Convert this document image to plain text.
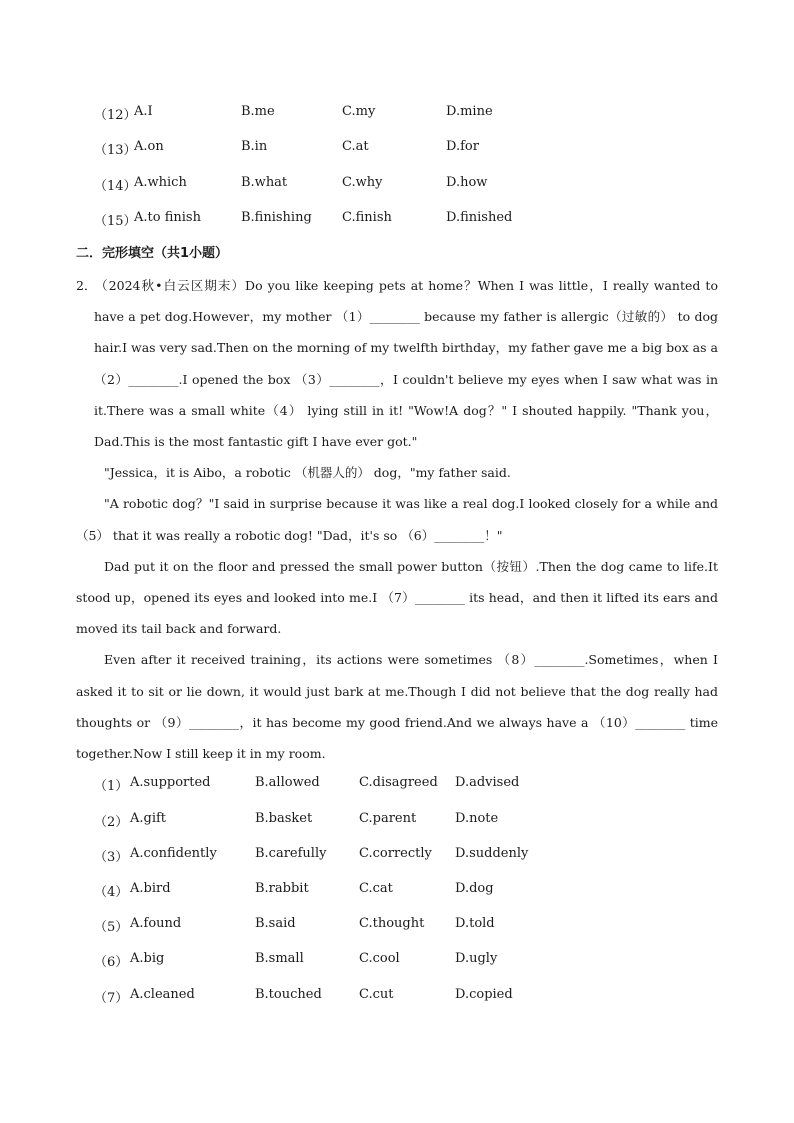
（12）
A.I	B.me	C.my	D.mine
（13）
A.on	B.in	C.at	D.for
（14）
A.which	B.what	C.why	D.how
（15）
A.to finish	B.finishing C.finish	D.finished
二．完形填空（共1小题）

2．（2024秋•白云区期末）Do you like keeping pets at home？When I was little，I really wanted to have a pet dog.However，my mother （1）________ because my father is allergic（过敏的） to dog hair.I was very sad.Then on the morning of my twelfth birthday，my father gave me a big box as a （2）________.I opened the box （3）________，I couldn't believe my eyes when I saw what was in it.There was a small white（4） lying still in it! "Wow!A dog？" I shouted happily. "Thank you，Dad.This is the most fantastic gift I have ever got."

"Jessica，it is Aibo，a robotic （机器人的） dog，"my father said.

"A robotic dog？"I said in surprise because it was like a real dog.I looked closely for a while and （5） that it was really a robotic dog! "Dad，it's so （6）________！"

Dad put it on the floor and pressed the small power button（按钮）.Then the dog came to life.It stood up，opened its eyes and looked into me.I （7）________ its head，and then it lifted its ears and moved its tail back and forward.

Even after it received training，its actions were sometimes （8）________.Sometimes，when I asked it to sit or lie down, it would just bark at me.Though I did not believe that the dog really had thoughts or （9）________，it has become my good friend.And we always have a （10）________ time together.Now I still keep it in my room.

（1） A.supported	B.allowed	C.disagreed D.advised
（2） A.gift	B.basket	C.parent	D.note
（3） A.confidently	B.carefully	C.correctly D.suddenly
（4） A.bird	B.rabbit	C.cat	D.dog
（5） A.found	B.said	C.thought D.told
（6） A.big	B.small	C.cool	D.ugly
（7） A.cleaned	B.touched	C.cut	D.copied
